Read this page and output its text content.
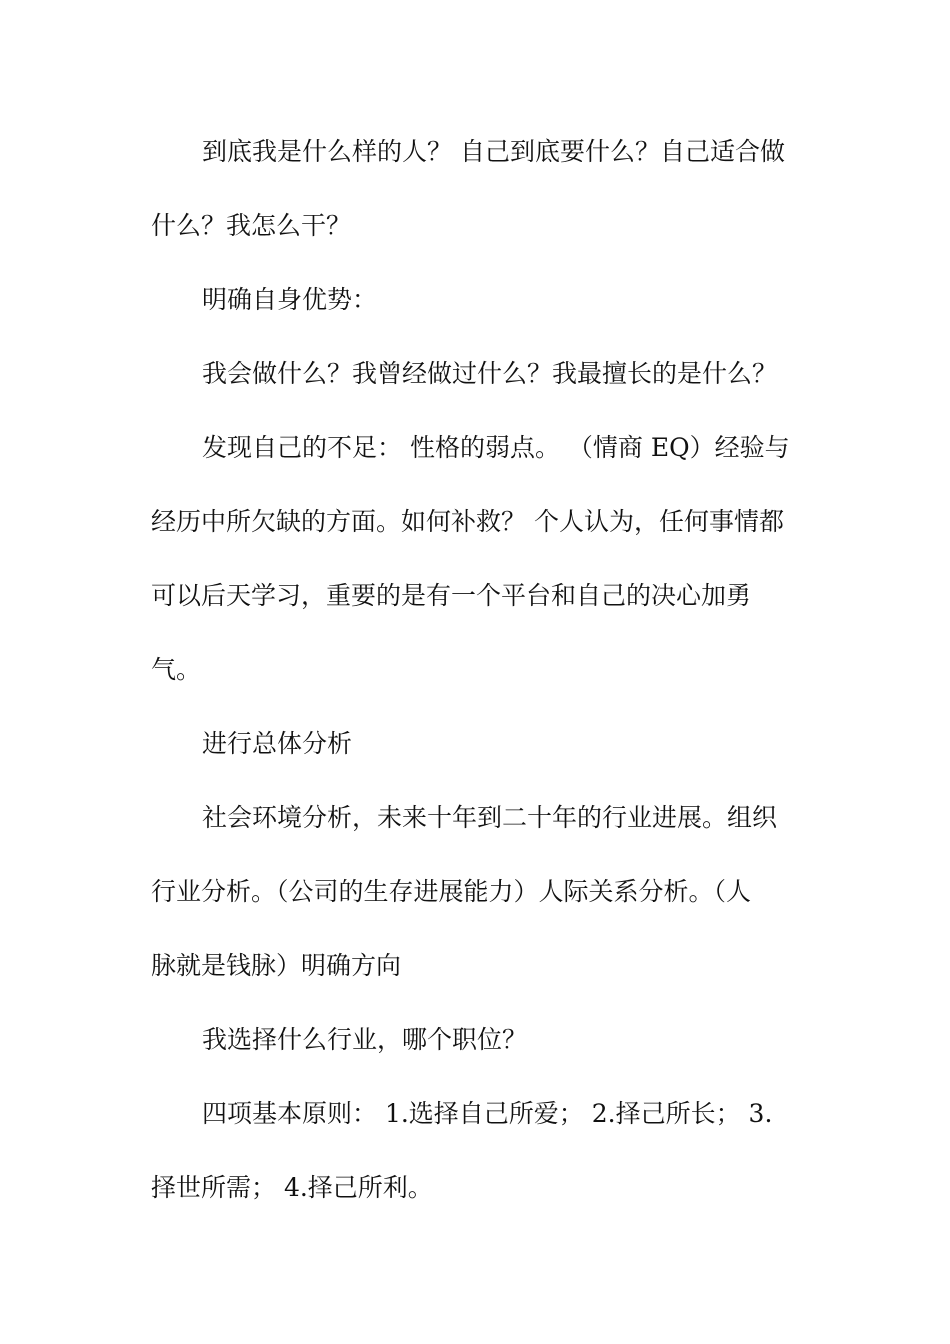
到底我是什么样的人？ 自己到底要什么？自己适合做
什么？我怎么干？
明确自身优势：
我会做什么？我曾经做过什么？我最擅长的是什么？
发现自己的不足： 性格的弱点。 （情商 EQ）经验与
经历中所欠缺的方面。如何补救？ 个人认为，任何事情都
可以后天学习，重要的是有一个平台和自己的决心加勇
气。
进行总体分析
社会环境分析，未来十年到二十年的行业进展。组织
行业分析。（公司的生存进展能力）人际关系分析。（人
脉就是钱脉）明确方向
我选择什么行业，哪个职位？
四项基本原则： 1.选择自己所爱； 2.择己所长； 3.
择世所需； 4.择己所利。
